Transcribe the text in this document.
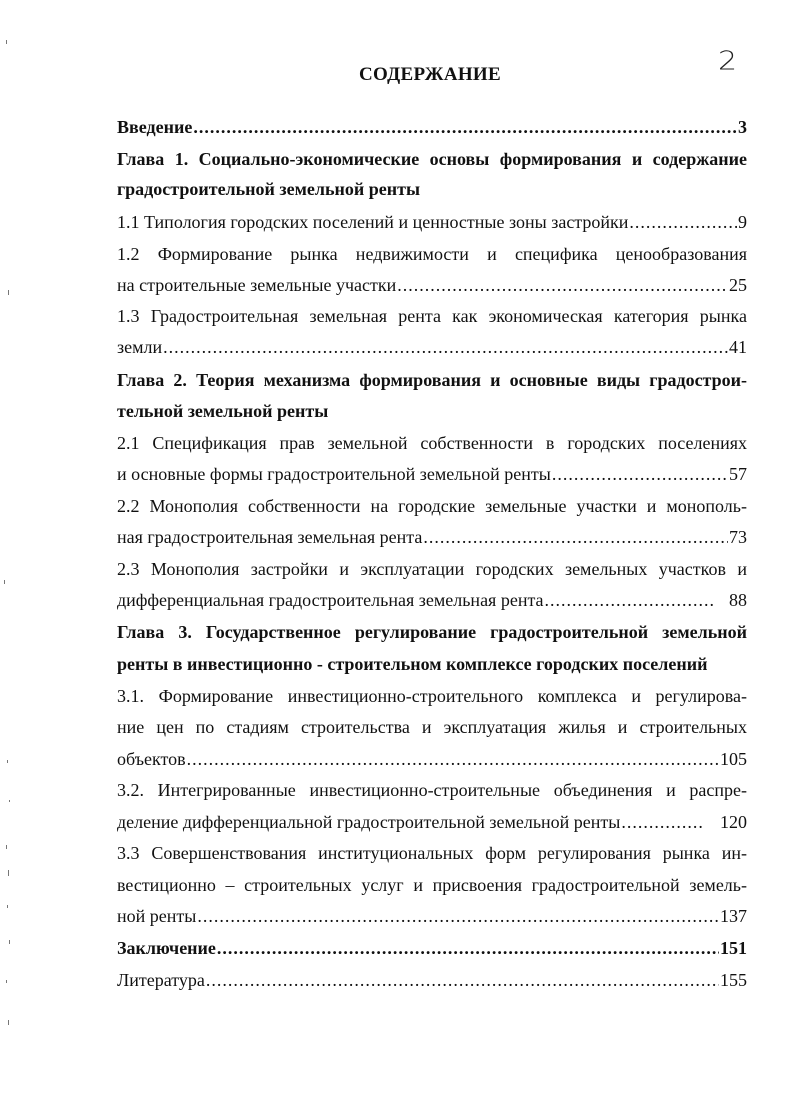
2
СОДЕРЖАНИЕ
Введение .....	3
Глава 1. Социально-экономические основы формирования и содержание
градостроительной земельной ренты
1.1 Типология городских поселений и ценностные зоны застройки .....	9
1.2 Формирование рынка недвижимости и специфика ценообразования
на строительные земельные участки .....	25
1.3 Градостроительная земельная рента как экономическая категория рынка
земли .....	41
Глава 2. Теория механизма формирования и основные виды градострои-
тельной земельной ренты
2.1 Спецификация прав земельной собственности в городских поселениях
и основные формы градостроительной земельной ренты .....	57
2.2 Монополия собственности на городские земельные участки и монополь-
ная градостроительная земельная рента .....	73
2.3 Монополия застройки и эксплуатации городских земельных участков и
дифференциальная градостроительная земельная рента .....	88
Глава 3. Государственное регулирование градостроительной земельной
ренты в инвестиционно - строительном комплексе городских поселений
3.1. Формирование инвестиционно-строительного комплекса и регулирова-
ние цен по стадиям строительства и эксплуатация жилья и строительных
объектов .....	105
3.2. Интегрированные инвестиционно-строительные объединения и распре-
деление дифференциальной градостроительной земельной ренты .....	120
3.3 Совершенствования институциональных форм регулирования рынка ин-
вестиционно – строительных услуг и присвоения градостроительной земель-
ной ренты .....	137
Заключение .....	151
Литература .....	155
